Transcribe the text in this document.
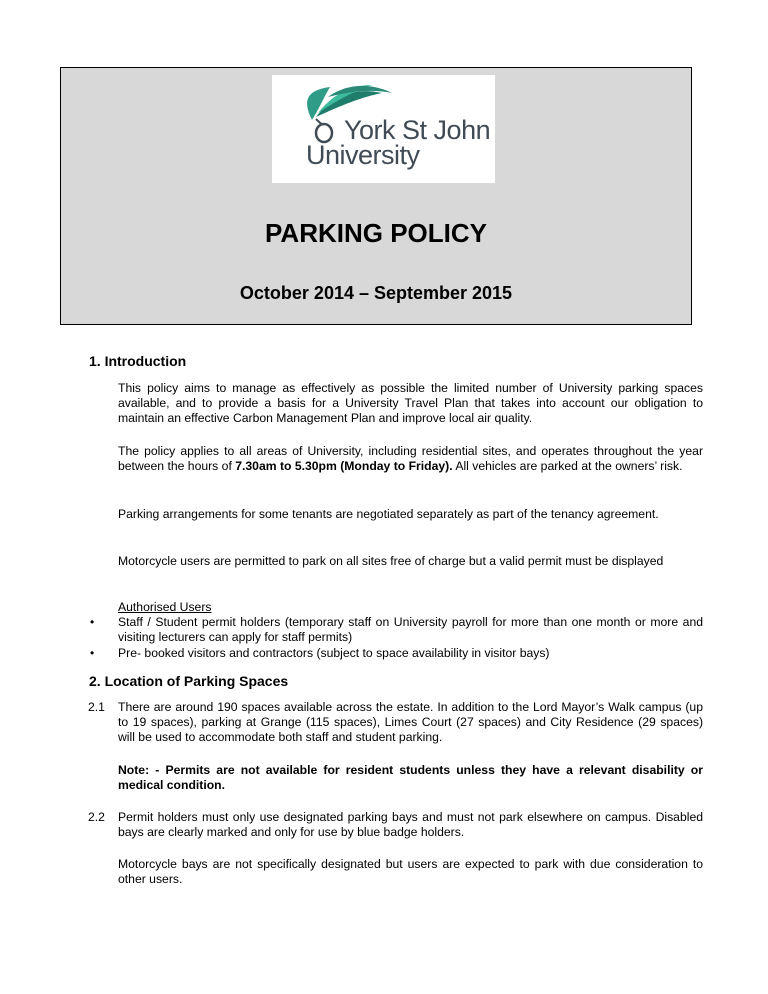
York St John
University
PARKING POLICY
October 2014 – September 2015
1. Introduction
This policy aims to manage as effectively as possible the limited number of University parking spaces available, and to provide a basis for a University Travel Plan that takes into account our obligation to maintain an effective Carbon Management Plan and improve local air quality.
The policy applies to all areas of University, including residential sites, and operates throughout the year between the hours of 7.30am to 5.30pm (Monday to Friday). All vehicles are parked at the owners’ risk.
Parking arrangements for some tenants are negotiated separately as part of the tenancy agreement.
Motorcycle users are permitted to park on all sites free of charge but a valid permit must be displayed
Authorised Users
• Staff / Student permit holders (temporary staff on University payroll for more than one month or more and visiting lecturers can apply for staff permits)
• Pre- booked visitors and contractors (subject to space availability in visitor bays)
2. Location of Parking Spaces
2.1 There are around 190 spaces available across the estate. In addition to the Lord Mayor’s Walk campus (up to 19 spaces), parking at Grange (115 spaces), Limes Court (27 spaces) and City Residence (29 spaces) will be used to accommodate both staff and student parking.
Note: - Permits are not available for resident students unless they have a relevant disability or medical condition.
2.2 Permit holders must only use designated parking bays and must not park elsewhere on campus. Disabled bays are clearly marked and only for use by blue badge holders.
Motorcycle bays are not specifically designated but users are expected to park with due consideration to other users.
